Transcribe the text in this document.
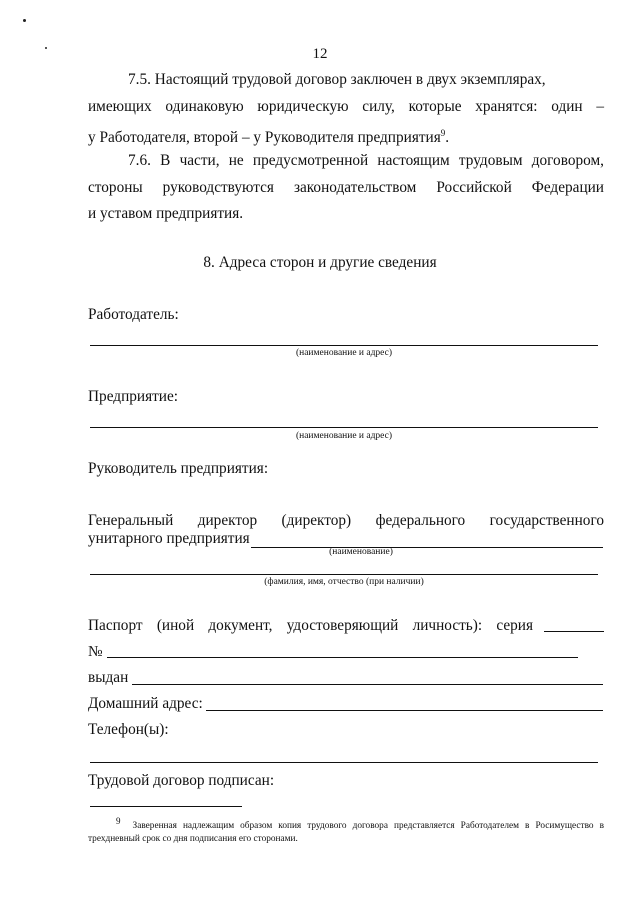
12
7.5. Настоящий трудовой договор заключен в двух экземплярах,
имеющих одинаковую юридическую силу, которые хранятся: один –
у Работодателя, второй – у Руководителя предприятия$^9$.
7.6. В части, не предусмотренной настоящим трудовым договором,
стороны руководствуются законодательством Российской Федерации
и уставом предприятия.
8. Адреса сторон и другие сведения
Работодатель:
(наименование и адрес)
Предприятие:
(наименование и адрес)
Руководитель предприятия:
Генеральный директор (директор) федерального государственного
унитарного предприятия
(наименование)
(фамилия, имя, отчество (при наличии)
Паспорт (иной документ, удостоверяющий личность): серия
№
выдан
Домашний адрес:
Телефон(ы):
Трудовой договор подписан:
$^9$  Заверенная надлежащим образом копия трудового договора представляется Работодателем в Росимущество в трехдневный срок со дня подписания его сторонами.
